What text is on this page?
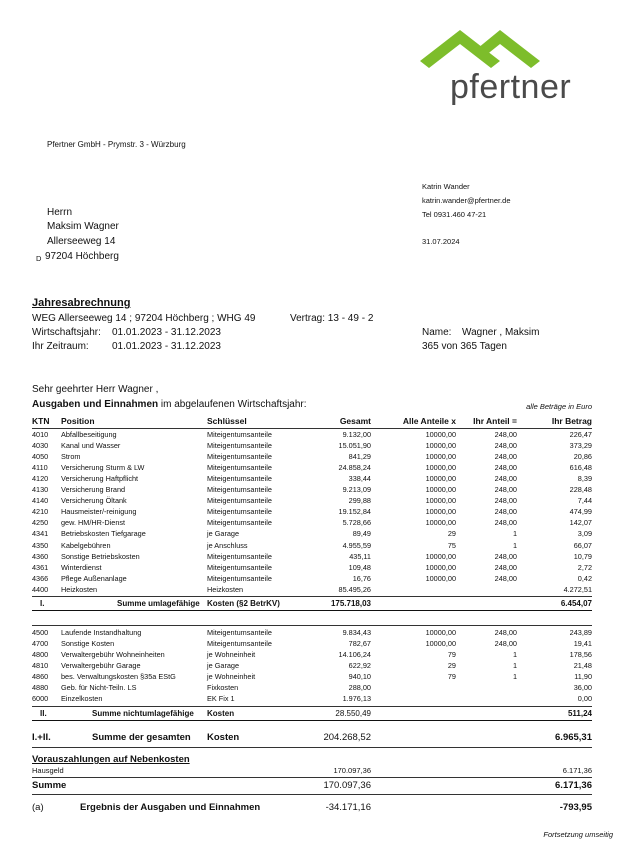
pfertner
Pfertner GmbH - Prymstr. 3 - Würzburg
Katrin Wander
katrin.wander@pfertner.de
Tel 0931.460 47-21
31.07.2024
Herrn
Maksim Wagner
Allerseeweg 14
D 97204 Höchberg
Jahresabrechnung
WEG Allerseeweg 14 ; 97204 Höchberg ; WHG 49	Vertrag: 13 - 49 - 2
Wirtschaftsjahr: 01.01.2023 - 31.12.2023
Ihr Zeitraum: 01.01.2023 - 31.12.2023
Name: Wagner , Maksim
365 von 365 Tagen
Sehr geehrter Herr Wagner ,
Ausgaben und Einnahmen im abgelaufenen Wirtschaftsjahr:	alle Beträge in Euro
KTN Position	Schlüssel	Gesamt	Alle Anteile x Ihr Anteil =	Ihr Betrag
4010 Abfallbeseitigung	Miteigentumsanteile	9.132,00	10000,00	248,00	226,47
4030 Kanal und Wasser	Miteigentumsanteile	15.051,90	10000,00	248,00	373,29
4050 Strom	Miteigentumsanteile	841,29	10000,00	248,00	20,86
4110 Versicherung Sturm & LW	Miteigentumsanteile	24.858,24	10000,00	248,00	616,48
4120 Versicherung Haftpflicht	Miteigentumsanteile	338,44	10000,00	248,00	8,39
4130 Versicherung Brand	Miteigentumsanteile	9.213,09	10000,00	248,00	228,48
4140 Versicherung Öltank	Miteigentumsanteile	299,88	10000,00	248,00	7,44
4210 Hausmeister/-reinigung	Miteigentumsanteile	19.152,84	10000,00	248,00	474,99
4250 gew. HM/HR-Dienst	Miteigentumsanteile	5.728,66	10000,00	248,00	142,07
4341 Betriebskosten Tiefgarage	je Garage	89,49	29	1	3,09
4350 Kabelgebühren	je Anschluss	4.955,59	75	1	66,07
4360 Sonstige Betriebskosten	Miteigentumsanteile	435,11	10000,00	248,00	10,79
4361 Winterdienst	Miteigentumsanteile	109,48	10000,00	248,00	2,72
4366 Pflege Außenanlage	Miteigentumsanteile	16,76	10000,00	248,00	0,42
4400 Heizkosten	Heizkosten	85.495,26	4.272,51
I.	Summe umlagefähige Kosten (§2 BetrKV)	175.718,03	6.454,07
4500 Laufende Instandhaltung	Miteigentumsanteile	9.834,43	10000,00	248,00	243,89
4700 Sonstige Kosten	Miteigentumsanteile	782,67	10000,00	248,00	19,41
4800 Verwaltergebühr Wohneinheiten	je Wohneinheit	14.106,24	79	1	178,56
4810 Verwaltergebühr Garage	je Garage	622,92	29	1	21,48
4860 bes. Verwaltungskosten §35a EStG	je Wohneinheit	940,10	79	1	11,90
4880 Geb. für Nicht-Teiln. LS	Fixkosten	288,00	36,00
6000 Einzelkosten	EK Fix 1	1.976,13	0,00
II.	Summe nichtumlagefähige Kosten	28.550,49	511,24
I.+II.	Summe der gesamten Kosten	204.268,52	6.965,31
Vorauszahlungen auf Nebenkosten
Hausgeld	170.097,36	6.171,36
Summe	170.097,36	6.171,36
(a)	Ergebnis der Ausgaben und Einnahmen	-34.171,16	-793,95
Fortsetzung umseitig
